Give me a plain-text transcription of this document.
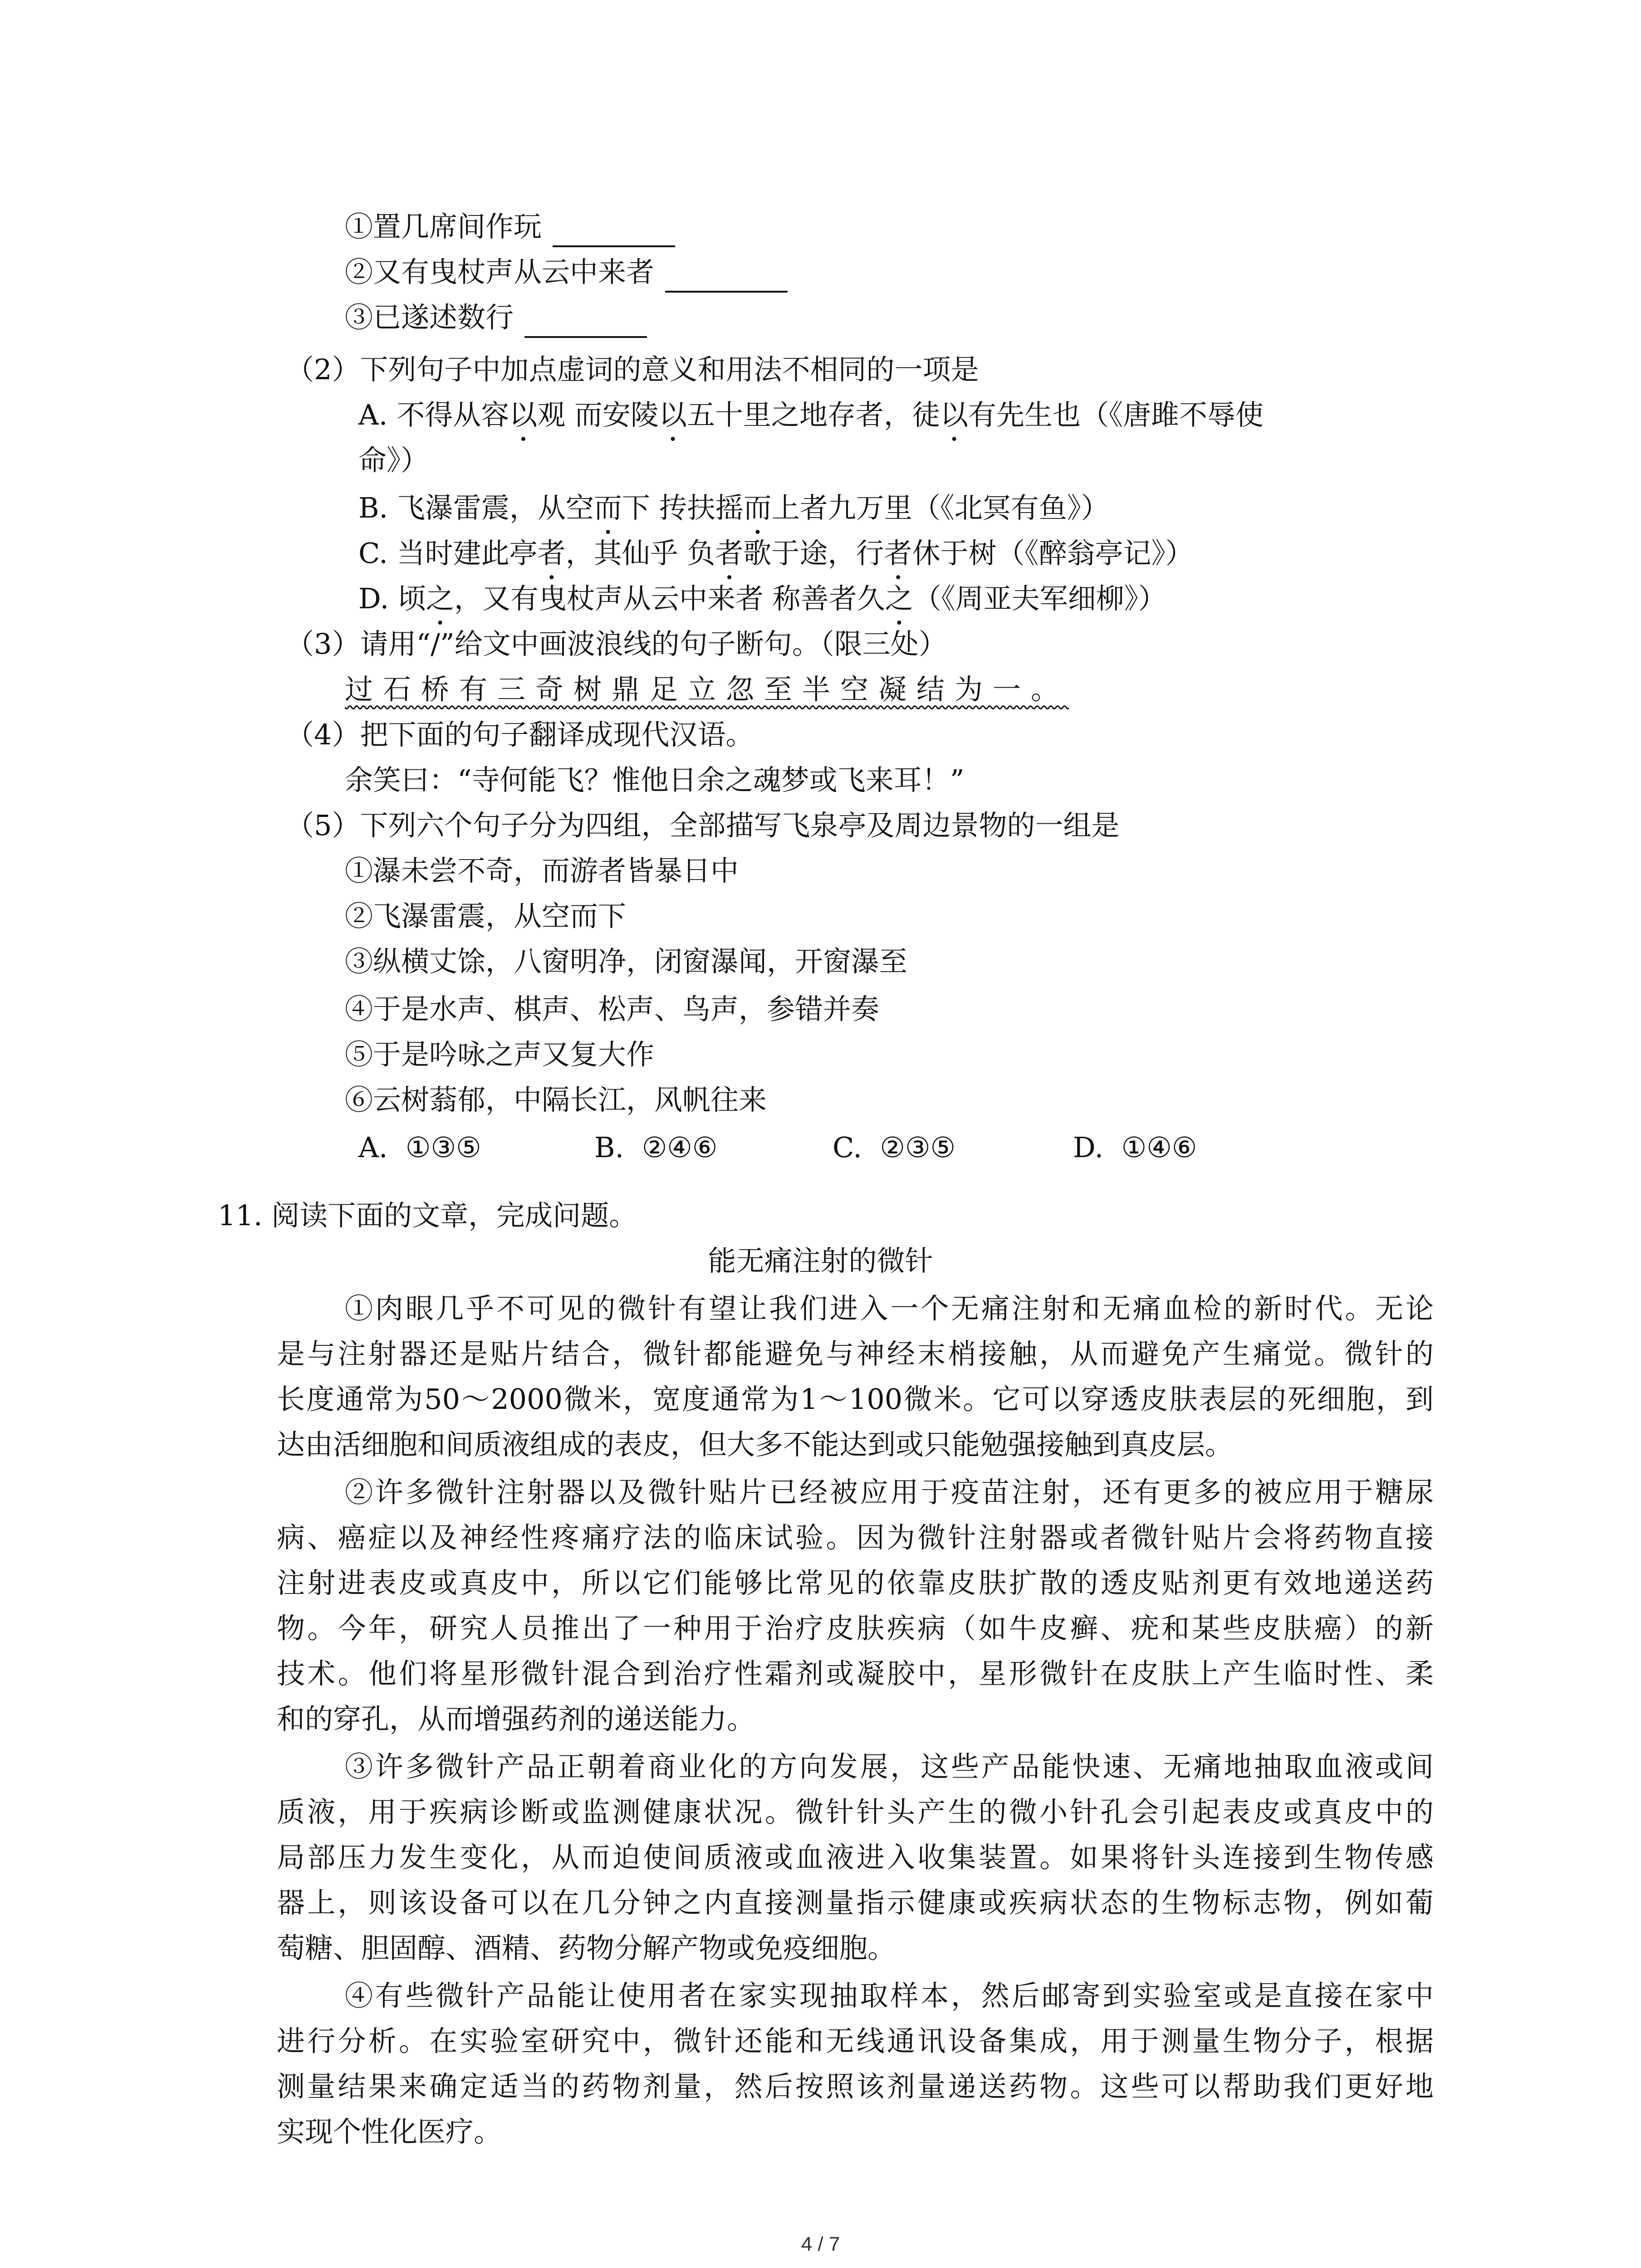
①置几席间作玩
②又有曳杖声从云中来者
③已遂述数行
（2）下列句子中加点虚词的意义和用法不相同的一项是
A. 不得从容以观 而安陵以五十里之地存者，徒以有先生也（《唐雎不辱使
命》）
B. 飞瀑雷震，从空而下 抟扶摇而上者九万里（《北冥有鱼》）
C. 当时建此亭者，其仙乎 负者歌于途，行者休于树（《醉翁亭记》）
D. 顷之，又有曳杖声从云中来者 称善者久之（《周亚夫军细柳》）
（3）请用“/”给文中画波浪线的句子断句。（限三处）
过石桥有三奇树鼎足立忽至半空凝结为一。
（4）把下面的句子翻译成现代汉语。
余笑曰：“寺何能飞？惟他日余之魂梦或飞来耳！”
（5）下列六个句子分为四组，全部描写飞泉亭及周边景物的一组是
①瀑未尝不奇，而游者皆暴日中
②飞瀑雷震，从空而下
③纵横丈馀，八窗明净，闭窗瀑闻，开窗瀑至
④于是水声、棋声、松声、鸟声，参错并奏
⑤于是吟咏之声又复大作
⑥云树蓊郁，中隔长江，风帆往来
A. ①③⑤	B. ②④⑥	C. ②③⑤	D. ①④⑥
11. 阅读下面的文章，完成问题。
能无痛注射的微针
①肉眼几乎不可见的微针有望让我们进入一个无痛注射和无痛血检的新时代。无论
是与注射器还是贴片结合，微针都能避免与神经末梢接触，从而避免产生痛觉。微针的
长度通常为50～2000微米，宽度通常为1～100微米。它可以穿透皮肤表层的死细胞，到
达由活细胞和间质液组成的表皮，但大多不能达到或只能勉强接触到真皮层。
②许多微针注射器以及微针贴片已经被应用于疫苗注射，还有更多的被应用于糖尿
病、癌症以及神经性疼痛疗法的临床试验。因为微针注射器或者微针贴片会将药物直接
注射进表皮或真皮中，所以它们能够比常见的依靠皮肤扩散的透皮贴剂更有效地递送药
物。今年，研究人员推出了一种用于治疗皮肤疾病（如牛皮癣、疣和某些皮肤癌）的新
技术。他们将星形微针混合到治疗性霜剂或凝胶中，星形微针在皮肤上产生临时性、柔
和的穿孔，从而增强药剂的递送能力。
③许多微针产品正朝着商业化的方向发展，这些产品能快速、无痛地抽取血液或间
质液，用于疾病诊断或监测健康状况。微针针头产生的微小针孔会引起表皮或真皮中的
局部压力发生变化，从而迫使间质液或血液进入收集装置。如果将针头连接到生物传感
器上，则该设备可以在几分钟之内直接测量指示健康或疾病状态的生物标志物，例如葡
萄糖、胆固醇、酒精、药物分解产物或免疫细胞。
④有些微针产品能让使用者在家实现抽取样本，然后邮寄到实验室或是直接在家中
进行分析。在实验室研究中，微针还能和无线通讯设备集成，用于测量生物分子，根据
测量结果来确定适当的药物剂量，然后按照该剂量递送药物。这些可以帮助我们更好地
实现个性化医疗。
4 / 7
